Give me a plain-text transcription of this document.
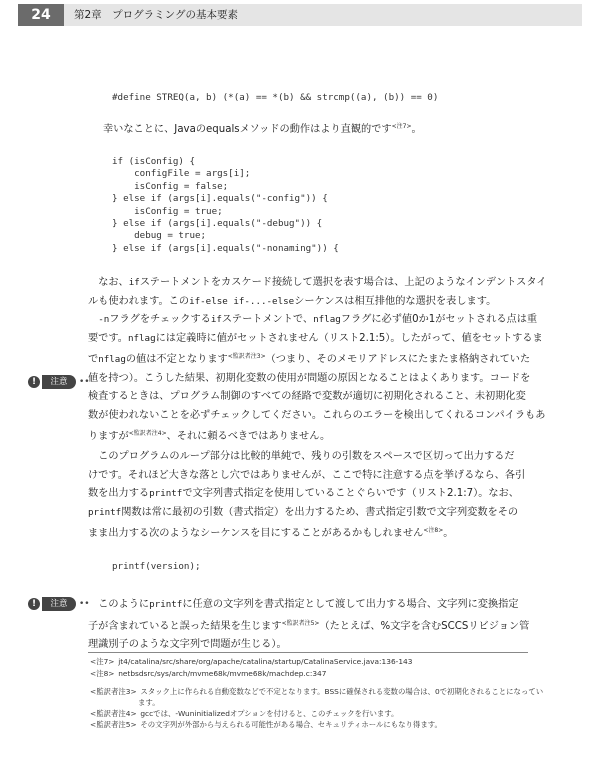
24	第2章　プログラミングの基本要素
#define STREQ(a, b) (*(a) == *(b) && strcmp((a), (b)) == 0)

幸いなことに、Javaのequalsメソッドの動作はより直観的です$^{<注7>}$。

if (isConfig) {
configFile = args[i];
isConfig = false;
} else if (args[i].equals("-config")) {
isConfig = true;
} else if (args[i].equals("-debug")) {
debug = true;
} else if (args[i].equals("-nonaming")) {

　なお、ifステートメントをカスケード接続して選択を表す場合は、上記のようなインデントスタイ
ルも使われます。このif-else if-...-elseシーケンスは相互排他的な選択を表します。

　-nフラグをチェックするifステートメントで、nflagフラグに必ず値0か1がセットされる点は重
要です。nflagには定義時に値がセットされません（リスト2.1:5）。したがって、値をセットするま
でnflagの値は不定となります$^{<監訳者注3>}$（つまり、そのメモリアドレスにたまたま格納されていた
値を持つ）。こうした結果、初期化変数の使用が問題の原因となることはよくあります。コードを
検査するときは、プログラム制御のすべての経路で変数が適切に初期化されること、未初期化変
数が使われないことを必ずチェックしてください。これらのエラーを検出してくれるコンパイラもあ
りますが$^{<監訳者注4>}$、それに頼るべきではありません。

!	注意	••

　このプログラムのループ部分は比較的単純で、残りの引数をスペースで区切って出力するだ
けです。それほど大きな落とし穴ではありませんが、ここで特に注意する点を挙げるなら、各引
数を出力するprintfで文字列書式指定を使用していることぐらいです（リスト2.1:7）。なお、
printf関数は常に最初の引数（書式指定）を出力するため、書式指定引数で文字列変数をその
まま出力する次のようなシーケンスを目にすることがあるかもしれません$^{<注8>}$。

printf(version);
!	注意	••

　 このようにprintfに任意の文字列を書式指定として渡して出力する場合、文字列に変換指定
子が含まれていると誤った結果を生じます$^{<監訳者注5>}$（たとえば、%文字を含むSCCSリビジョン管
理識別子のような文字列で問題が生じる）。

<注7>  jt4/catalina/src/share/org/apache/catalina/startup/CatalinaService.java:136-143
<注8>  netbsdsrc/sys/arch/mvme68k/mvme68k/machdep.c:347
<監訳者注3>  スタック上に作られる自動変数などで不定となります。BSSに確保される変数の場合は、0で初期化されることになってい
ます。
<監訳者注4>  gccでは、-Wuninitializedオプションを付けると、このチェックを行います。
<監訳者注5>  その文字列が外部から与えられる可能性がある場合、セキュリティホールにもなり得ます。
